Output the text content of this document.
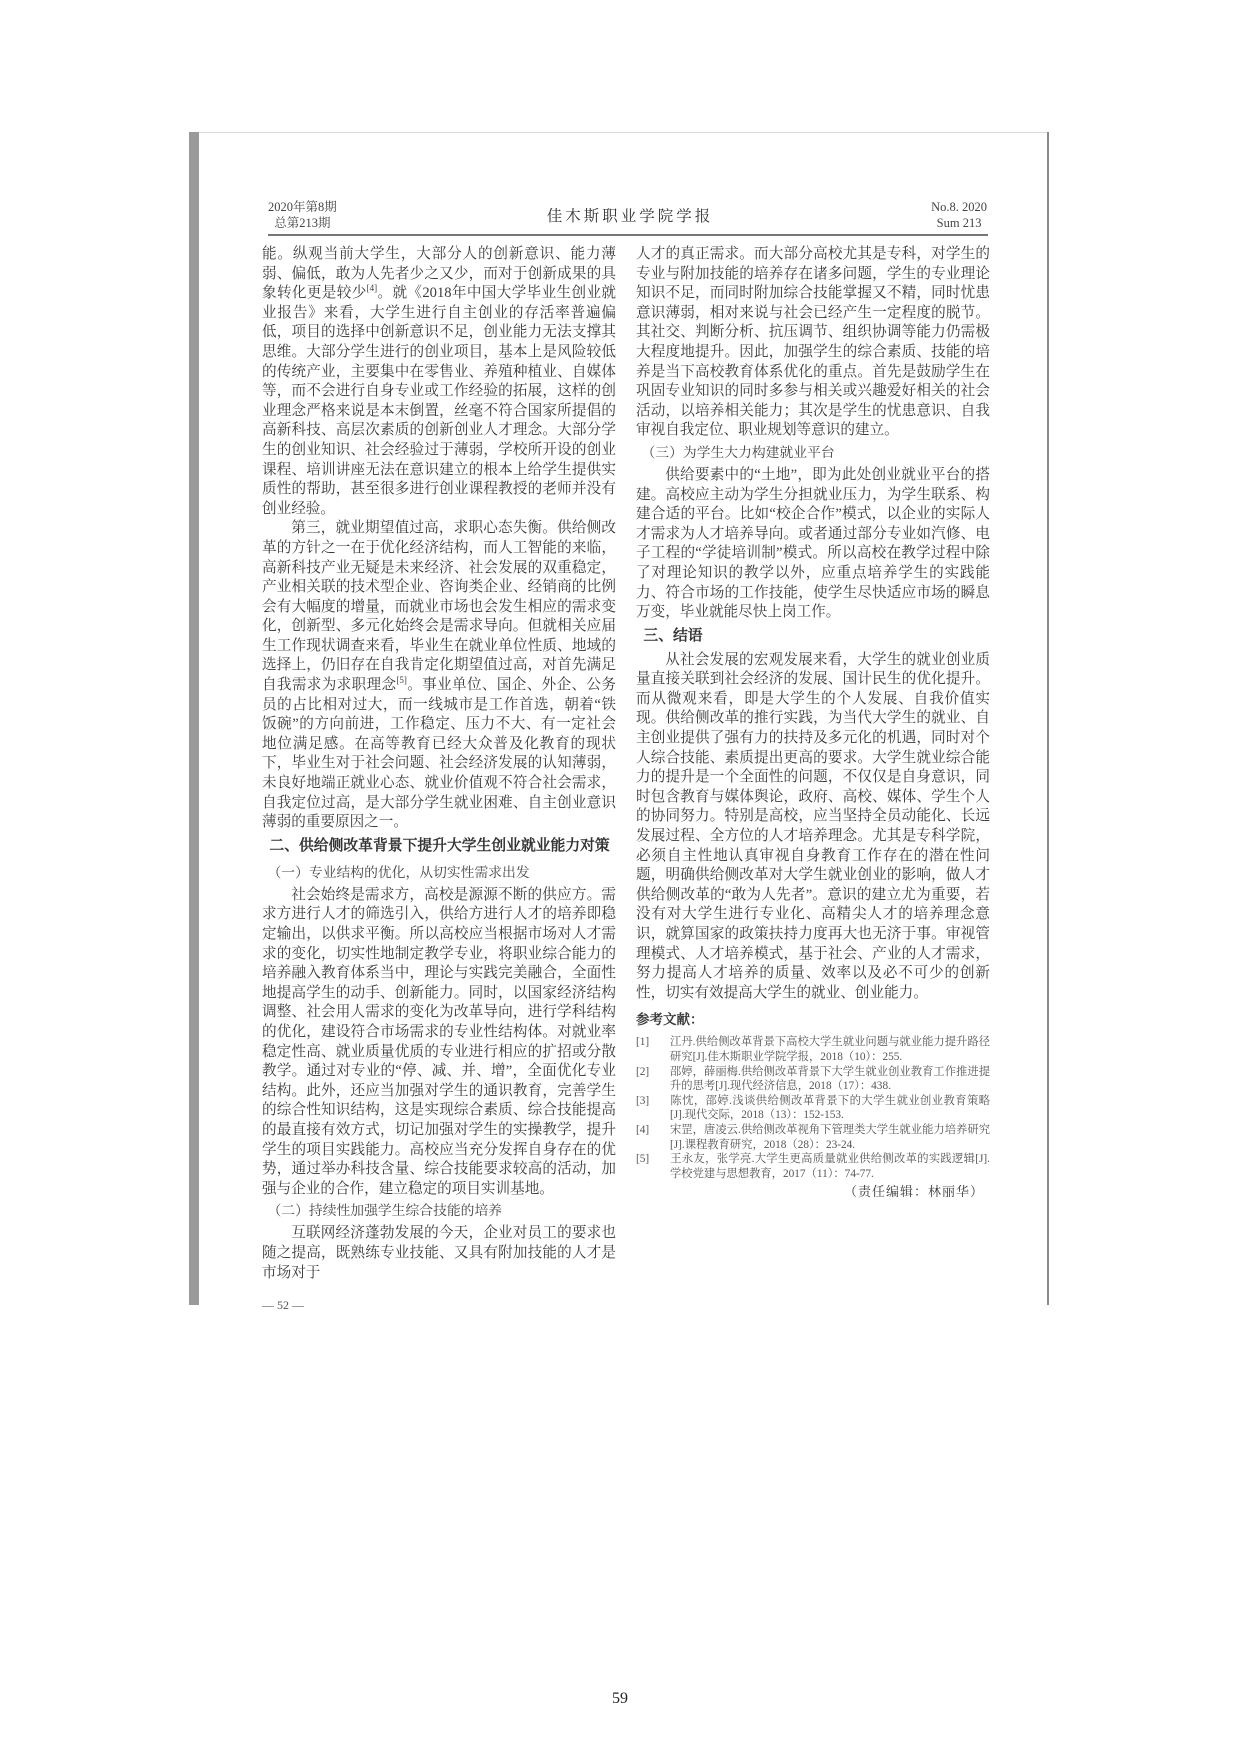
2020年第8期
总第213期	佳木斯职业学院学报
No.8. 2020
Sum 213

能。纵观当前大学生，大部分人的创新意识、能力薄弱、偏低，敢为人先者少之又少，而对于创新成果的具象转化更是较少[4]。就《2018年中国大学毕业生创业就业报告》来看，大学生进行自主创业的存活率普遍偏低，项目的选择中创新意识不足，创业能力无法支撑其思维。大部分学生进行的创业项目，基本上是风险较低的传统产业，主要集中在零售业、养殖种植业、自媒体等，而不会进行自身专业或工作经验的拓展，这样的创业理念严格来说是本末倒置，丝毫不符合国家所提倡的高新科技、高层次素质的创新创业人才理念。大部分学生的创业知识、社会经验过于薄弱，学校所开设的创业课程、培训讲座无法在意识建立的根本上给学生提供实质性的帮助，甚至很多进行创业课程教授的老师并没有创业经验。

第三，就业期望值过高，求职心态失衡。供给侧改革的方针之一在于优化经济结构，而人工智能的来临，高新科技产业无疑是未来经济、社会发展的双重稳定，产业相关联的技术型企业、咨询类企业、经销商的比例会有大幅度的增量，而就业市场也会发生相应的需求变化，创新型、多元化始终会是需求导向。但就相关应届生工作现状调查来看，毕业生在就业单位性质、地域的选择上，仍旧存在自我肯定化期望值过高，对首先满足自我需求为求职理念[5]。事业单位、国企、外企、公务员的占比相对过大，而一线城市是工作首选，朝着“铁饭碗”的方向前进，工作稳定、压力不大、有一定社会地位满足感。在高等教育已经大众普及化教育的现状下，毕业生对于社会问题、社会经济发展的认知薄弱，未良好地端正就业心态、就业价值观不符合社会需求，自我定位过高，是大部分学生就业困难、自主创业意识薄弱的重要原因之一。

二、供给侧改革背景下提升大学生创业就业能力对策
（一）专业结构的优化，从切实性需求出发

社会始终是需求方，高校是源源不断的供应方。需求方进行人才的筛选引入，供给方进行人才的培养即稳定输出，以供求平衡。所以高校应当根据市场对人才需求的变化，切实性地制定教学专业，将职业综合能力的培养融入教育体系当中，理论与实践完美融合，全面性地提高学生的动手、创新能力。同时，以国家经济结构调整、社会用人需求的变化为改革导向，进行学科结构的优化，建设符合市场需求的专业性结构体。对就业率稳定性高、就业质量优质的专业进行相应的扩招或分散教学。通过对专业的“停、减、并、增”，全面优化专业结构。此外，还应当加强对学生的通识教育，完善学生的综合性知识结构，这是实现综合素质、综合技能提高的最直接有效方式，切记加强对学生的实操教学，提升学生的项目实践能力。高校应当充分发挥自身存在的优势，通过举办科技含量、综合技能要求较高的活动，加强与企业的合作，建立稳定的项目实训基地。

（二）持续性加强学生综合技能的培养

互联网经济蓬勃发展的今天，企业对员工的要求也随之提高，既熟练专业技能、又具有附加技能的人才是市场对于

人才的真正需求。而大部分高校尤其是专科，对学生的专业与附加技能的培养存在诸多问题，学生的专业理论知识不足，而同时附加综合技能掌握又不精，同时忧患意识薄弱，相对来说与社会已经产生一定程度的脱节。其社交、判断分析、抗压调节、组织协调等能力仍需极大程度地提升。因此，加强学生的综合素质、技能的培养是当下高校教育体系优化的重点。首先是鼓励学生在巩固专业知识的同时多参与相关或兴趣爱好相关的社会活动，以培养相关能力；其次是学生的忧患意识、自我审视自我定位、职业规划等意识的建立。

（三）为学生大力构建就业平台

供给要素中的“土地”，即为此处创业就业平台的搭建。高校应主动为学生分担就业压力，为学生联系、构建合适的平台。比如“校企合作”模式，以企业的实际人才需求为人才培养导向。或者通过部分专业如汽修、电子工程的“学徒培训制”模式。所以高校在教学过程中除了对理论知识的教学以外，应重点培养学生的实践能力、符合市场的工作技能，使学生尽快适应市场的瞬息万变，毕业就能尽快上岗工作。

三、结语

从社会发展的宏观发展来看，大学生的就业创业质量直接关联到社会经济的发展、国计民生的优化提升。而从微观来看，即是大学生的个人发展、自我价值实现。供给侧改革的推行实践，为当代大学生的就业、自主创业提供了强有力的扶持及多元化的机遇，同时对个人综合技能、素质提出更高的要求。大学生就业综合能力的提升是一个全面性的问题，不仅仅是自身意识，同时包含教育与媒体舆论，政府、高校、媒体、学生个人的协同努力。特别是高校，应当坚持全员动能化、长远发展过程、全方位的人才培养理念。尤其是专科学院，必须自主性地认真审视自身教育工作存在的潜在性问题，明确供给侧改革对大学生就业创业的影响，做人才供给侧改革的“敢为人先者”。意识的建立尤为重要，若没有对大学生进行专业化、高精尖人才的培养理念意识，就算国家的政策扶持力度再大也无济于事。审视管理模式、人才培养模式，基于社会、产业的人才需求，努力提高人才培养的质量、效率以及必不可少的创新性，切实有效提高大学生的就业、创业能力。

参考文献：
[1] 江丹.供给侧改革背景下高校大学生就业问题与就业能力提升路径研究[J].佳木斯职业学院学报，2018（10）：255.
[2] 邵婷，薛丽梅.供给侧改革背景下大学生就业创业教育工作推进提升的思考[J].现代经济信息，2018（17）：438.
[3] 陈忱，邵婷.浅谈供给侧改革背景下的大学生就业创业教育策略[J].现代交际，2018（13）：152-153.
[4] 宋罡，唐凌云.供给侧改革视角下管理类大学生就业能力培养研究[J].课程教育研究，2018（28）：23-24.
[5] 王永友，张学亮.大学生更高质量就业供给侧改革的实践逻辑[J].学校党建与思想教育，2017（11）：74-77.
（责任编辑：林丽华）
— 52 —
59
